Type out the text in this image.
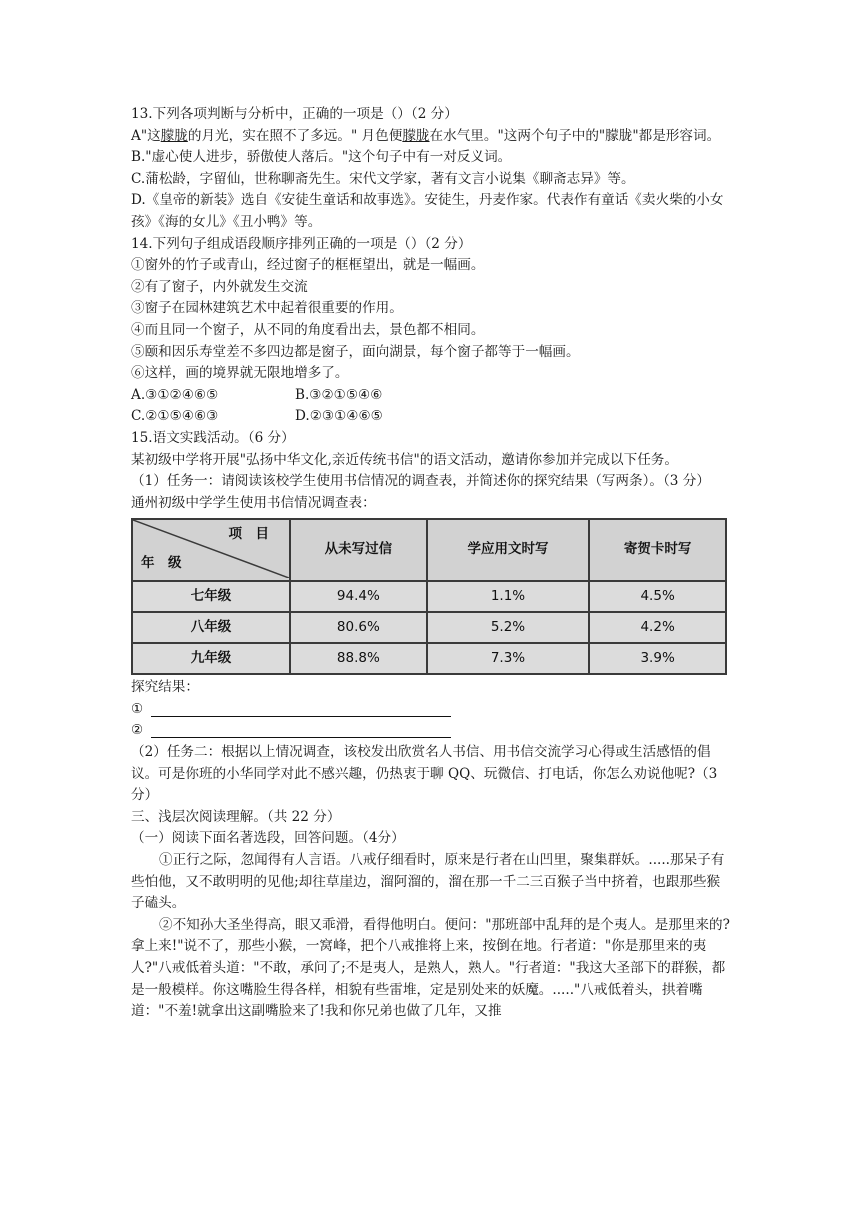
13.下列各项判断与分析中，正确的一项是（）（2 分）

A"这朦胧的月光，实在照不了多远。" 月色便朦胧在水气里。"这两个句子中的"朦胧"都是形容词。

B."虚心使人进步，骄傲使人落后。"这个句子中有一对反义词。

C.蒲松龄，字留仙，世称聊斋先生。宋代文学家，著有文言小说集《聊斋志异》等。

D.《皇帝的新装》选自《安徒生童话和故事选》。安徒生，丹麦作家。代表作有童话《卖火柴的小女孩》《海的女儿》《丑小鸭》等。

14.下列句子组成语段顺序排列正确的一项是（）（2 分）

①窗外的竹子或青山，经过窗子的框框望出，就是一幅画。

②有了窗子，内外就发生交流

③窗子在园林建筑艺术中起着很重要的作用。

④而且同一个窗子，从不同的角度看出去，景色都不相同。

⑤颐和因乐寿堂差不多四边都是窗子，面向湖景，每个窗子都等于一幅画。

⑥这样，画的境界就无限地增多了。

A.③①②④⑥⑤	B.③②①⑤④⑥
C.②①⑤④⑥③	D.②③①④⑥⑤

15.语文实践活动。（6 分）

某初级中学将开展"弘扬中华文化,亲近传统书信"的语文活动，邀请你参加并完成以下任务。

（1）任务一：请阅读该校学生使用书信情况的调查表，并简述你的探究结果（写两条）。（3 分）

通州初级中学学生使用书信情况调查表：

项　目
年　级	从未写过信	学应用文时写	寄贺卡时写
七年级	94.4%	1.1%	4.5%
八年级	80.6%	5.2%	4.2%
九年级	88.8%	7.3%	3.9%

探究结果：

①

②

（2）任务二：根据以上情况调查，该校发出欣赏名人书信、用书信交流学习心得或生活感悟的倡议。可是你班的小华同学对此不感兴趣，仍热衷于聊 QQ、玩微信、打电话，你怎么劝说他呢?（3 分）

三、浅层次阅读理解。（共 22 分）

（一）阅读下面名著选段，回答问题。（4分）

①正行之际，忽闻得有人言语。八戒仔细看时，原来是行者在山凹里，聚集群妖。.....那呆子有些怕他，又不敢明明的见他;却往草崖边，溜阿溜的，溜在那一千二三百猴子当中挤着，也跟那些猴子磕头。

②不知孙大圣坐得高，眼又乖滑，看得他明白。便问："那班部中乱拜的是个夷人。是那里来的? 拿上来!"说不了，那些小猴，一窝峰，把个八戒推将上来，按倒在地。行者道："你是那里来的夷人?"八戒低着头道："不敢，承问了;不是夷人，是熟人，熟人。"行者道："我这大圣部下的群猴，都是一般模样。你这嘴脸生得各样，相貌有些雷堆，定是别处来的妖魔。....."八戒低着头，拱着嘴道："不羞!就拿出这副嘴脸来了!我和你兄弟也做了几年，又推
